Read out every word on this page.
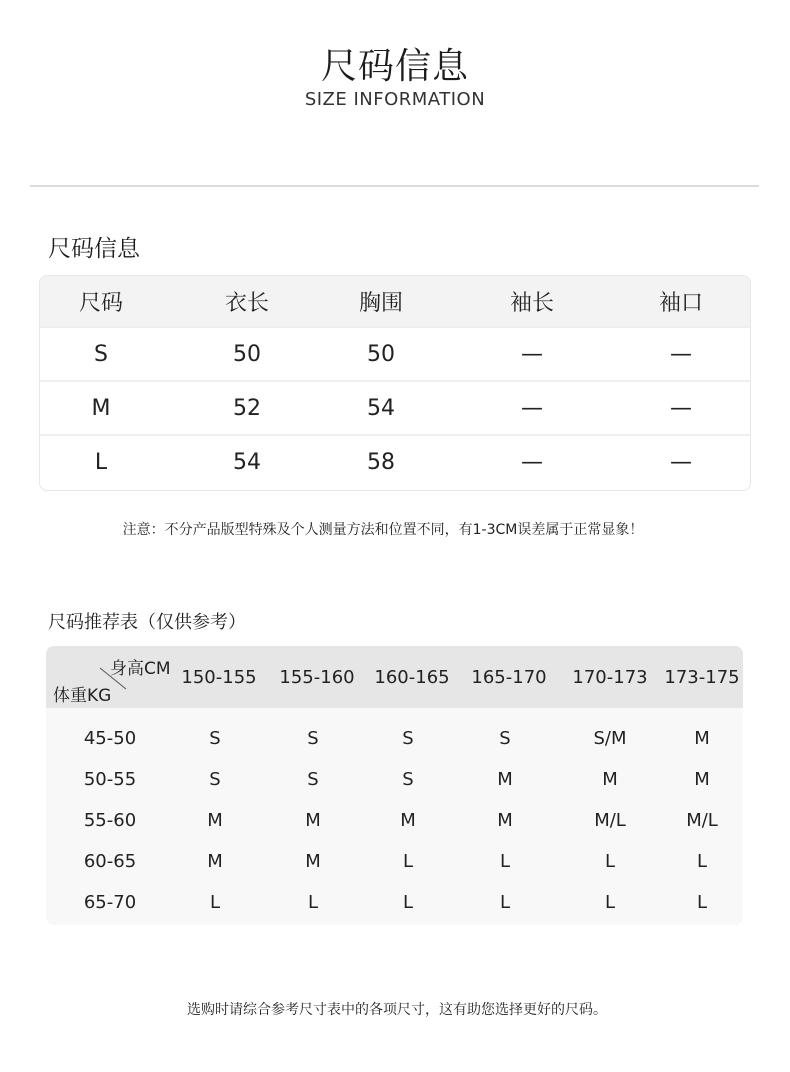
尺码信息
SIZE INFORMATION
尺码信息
尺码	衣长	胸围	袖长	袖口
S	50	50	—	—
M	52	54	—	—
L	54	58	—	—
注意：不分产品版型特殊及个人测量方法和位置不同，有1-3CM误差属于正常显象！
尺码推荐表（仅供参考）
身高CM
体重KG
150-155 155-160 160-165 165-170 170-173 173-175
45-50	S	S	S	S	S/M	M
50-55	S	S	S	M	M	M
55-60	M	M	M	M	M/L	M/L
60-65	M	M	L	L	L	L
65-70	L	L	L	L	L	L
选购时请综合参考尺寸表中的各项尺寸，这有助您选择更好的尺码。
